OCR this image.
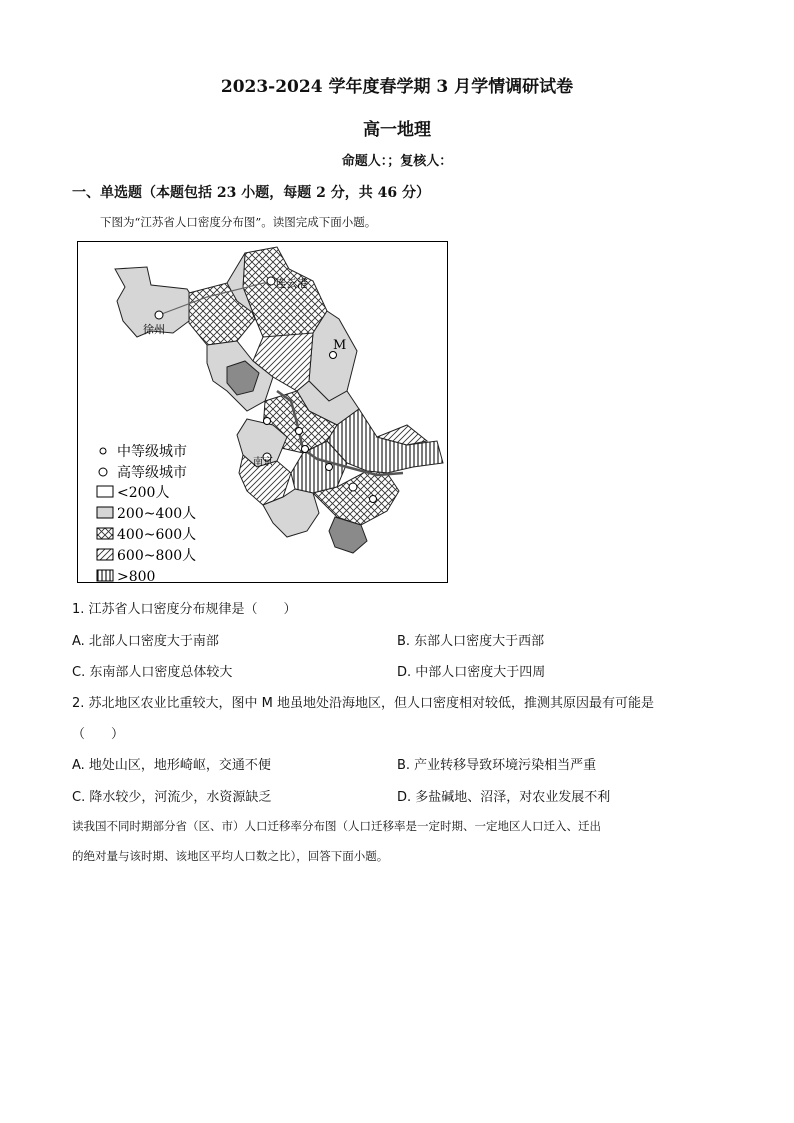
2023-2024 学年度春学期 3 月学情调研试卷
高一地理
命题人：；复核人：
一、单选题（本题包括 23 小题，每题 2 分，共 46 分）
下图为“江苏省人口密度分布图”。读图完成下面小题。
连云港
徐州
M
南京
中等级城市
高等级城市
<200人
200~400人
400~600人
600~800人
>800
1. 江苏省人口密度分布规律是（　　）
A. 北部人口密度大于南部	B. 东部人口密度大于西部
C. 东南部人口密度总体较大	D. 中部人口密度大于四周
2. 苏北地区农业比重较大，图中 M 地虽地处沿海地区，但人口密度相对较低，推测其原因最有可能是
（　　）
A. 地处山区，地形崎岖，交通不便	B. 产业转移导致环境污染相当严重
C. 降水较少，河流少，水资源缺乏	D. 多盐碱地、沼泽，对农业发展不利
读我国不同时期部分省（区、市）人口迁移率分布图（人口迁移率是一定时期、一定地区人口迁入、迁出
的绝对量与该时期、该地区平均人口数之比），回答下面小题。
